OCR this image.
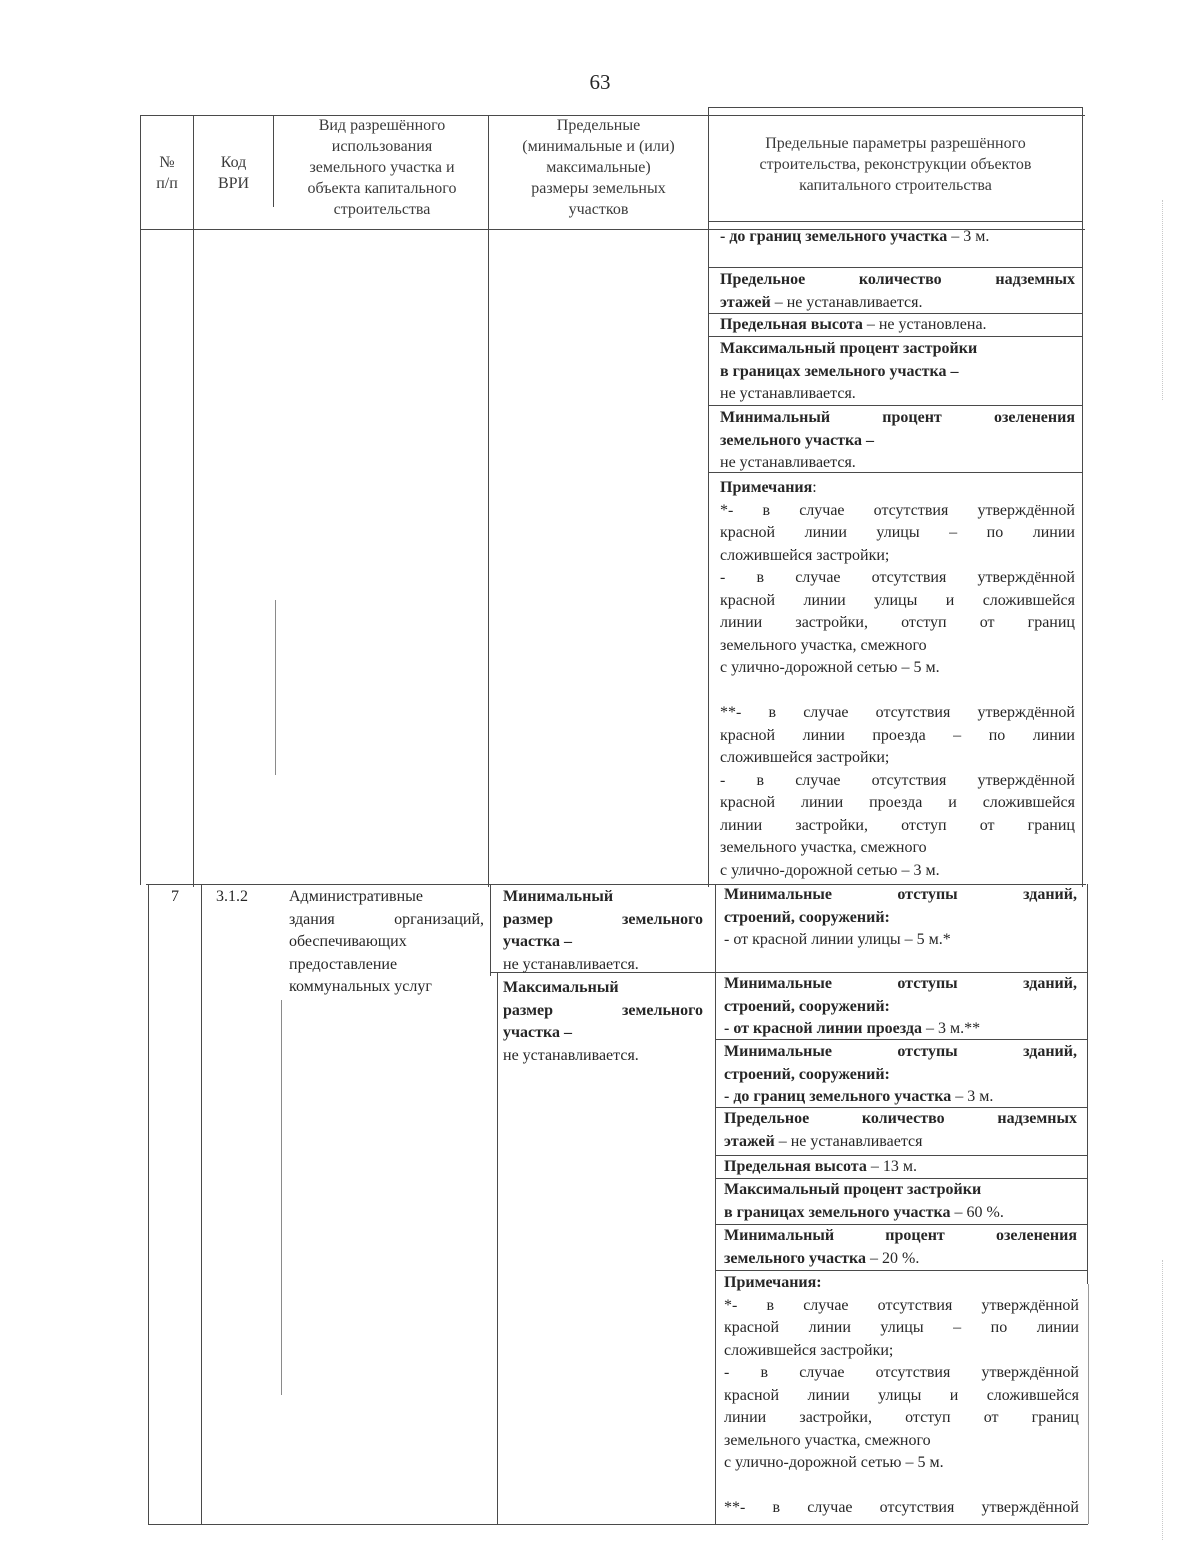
63
№
п/п
Код
ВРИ
Вид разрешённого
использования
земельного участка и
объекта капитального
строительства
Предельные
(минимальные и (или)
максимальные)
размеры земельных
участков
Предельные параметры разрешённого
строительства, реконструкции объектов
капитального строительства
- до границ земельного участка – 3 м.
Предельное количество надземных
этажей – не устанавливается.
Предельная высота – не установлена.
Максимальный процент застройки
в границах земельного участка –
не устанавливается.
Минимальный процент озеленения
земельного участка –
не устанавливается.
Примечания:
*- в случае отсутствия утверждённой
красной линии улицы – по линии
сложившейся застройки;
- в случае отсутствия утверждённой
красной линии улицы и сложившейся
линии застройки, отступ от границ
земельного участка, смежного
с улично-дорожной сетью – 5 м.

**- в случае отсутствия утверждённой
красной линии проезда – по линии
сложившейся застройки;
- в случае отсутствия утверждённой
красной линии проезда и сложившейся
линии застройки, отступ от границ
земельного участка, смежного
с улично-дорожной сетью – 3 м.
7	3.1.2	Административные
здания организаций,
обеспечивающих
предоставление
коммунальных услуг
Минимальный
размер земельного
участка –
не устанавливается.
Максимальный
размер земельного
участка –
не устанавливается.
Минимальные отступы зданий,
строений, сооружений:
- от красной линии улицы – 5 м.*
Минимальные отступы зданий,
строений, сооружений:
- от красной линии проезда – 3 м.**
Минимальные отступы зданий,
строений, сооружений:
- до границ земельного участка – 3 м.
Предельное количество надземных
этажей – не устанавливается
Предельная высота – 13 м.
Максимальный процент застройки
в границах земельного участка – 60 %.
Минимальный процент озеленения
земельного участка – 20 %.
Примечания:
*- в случае отсутствия утверждённой
красной линии улицы – по линии
сложившейся застройки;
- в случае отсутствия утверждённой
красной линии улицы и сложившейся
линии застройки, отступ от границ
земельного участка, смежного
с улично-дорожной сетью – 5 м.

**- в случае отсутствия утверждённой
